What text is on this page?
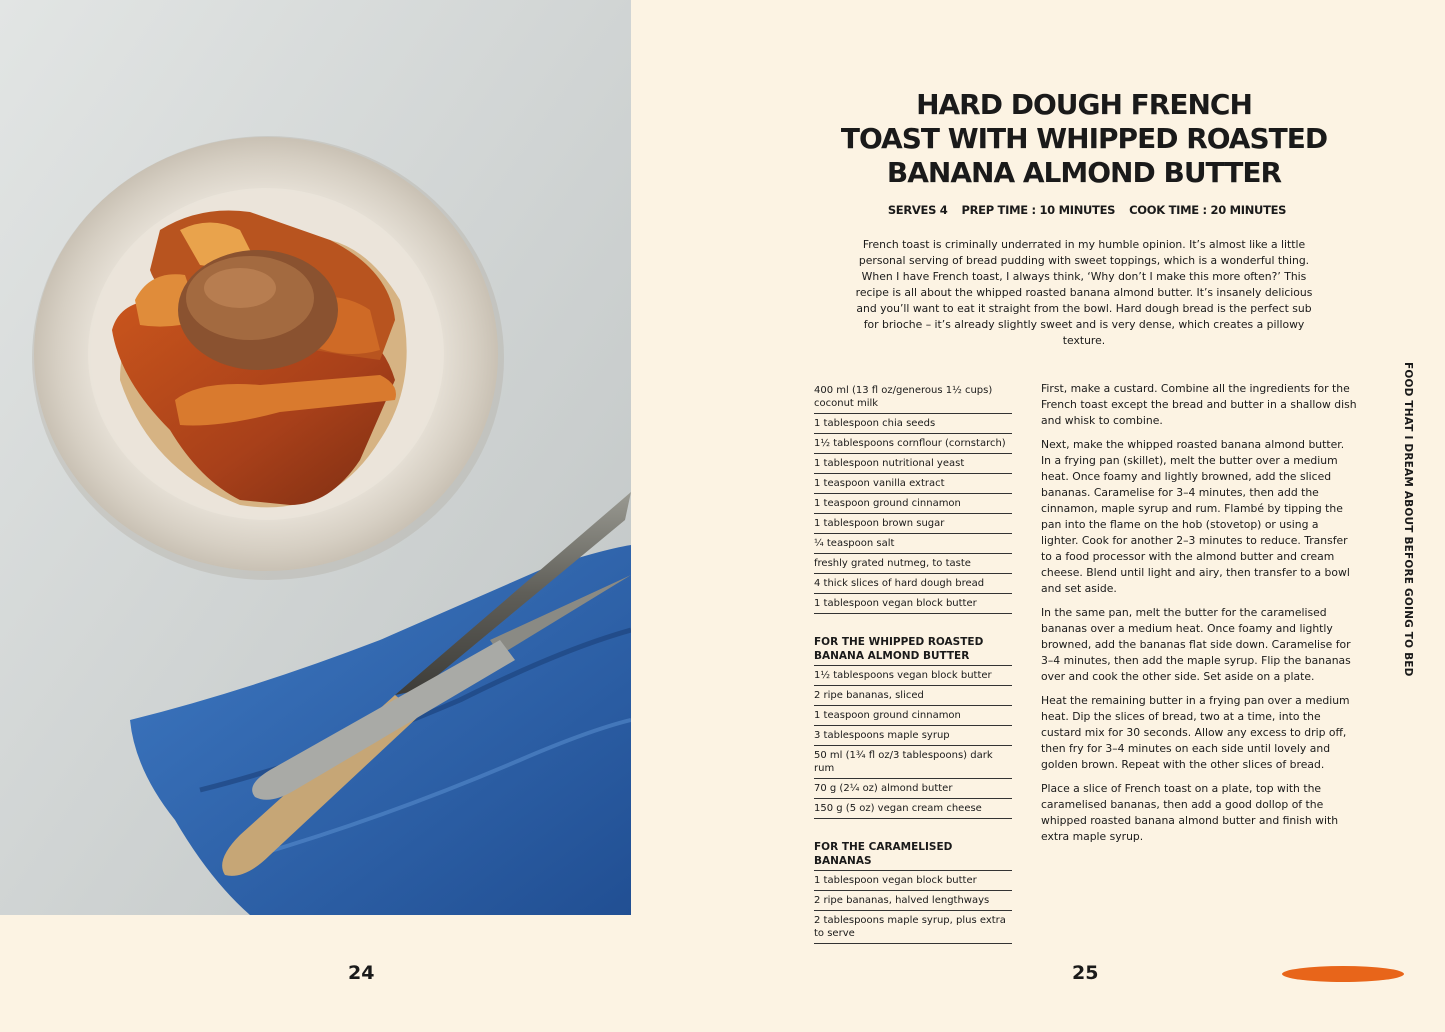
24
HARD DOUGH FRENCH
TOAST WITH WHIPPED ROASTED
BANANA ALMOND BUTTER
SERVES 4 PREP TIME : 10 MINUTES COOK TIME : 20 MINUTES
French toast is criminally underrated in my humble opinion. It’s almost like a little personal serving of bread pudding with sweet toppings, which is a wonderful thing. When I have French toast, I always think, ‘Why don’t I make this more often?’ This recipe is all about the whipped roasted banana almond butter. It’s insanely delicious and you’ll want to eat it straight from the bowl. Hard dough bread is the perfect sub for brioche – it’s already slightly sweet and is very dense, which creates a pillowy texture.
400 ml (13 fl oz/generous 1½ cups) coconut milk
1 tablespoon chia seeds
1½ tablespoons cornflour (cornstarch)
1 tablespoon nutritional yeast
1 teaspoon vanilla extract
1 teaspoon ground cinnamon
1 tablespoon brown sugar
¼ teaspoon salt
freshly grated nutmeg, to taste
4 thick slices of hard dough bread
1 tablespoon vegan block butter
FOR THE WHIPPED ROASTED BANANA ALMOND BUTTER
1½ tablespoons vegan block butter
2 ripe bananas, sliced
1 teaspoon ground cinnamon
3 tablespoons maple syrup
50 ml (1¾ fl oz/3 tablespoons) dark rum
70 g (2¼ oz) almond butter
150 g (5 oz) vegan cream cheese
FOR THE CARAMELISED BANANAS
1 tablespoon vegan block butter
2 ripe bananas, halved lengthways
2 tablespoons maple syrup, plus extra to serve

First, make a custard. Combine all the ingredients for the French toast except the bread and butter in a shallow dish and whisk to combine.

Next, make the whipped roasted banana almond butter. In a frying pan (skillet), melt the butter over a medium heat. Once foamy and lightly browned, add the sliced bananas. Caramelise for 3–4 minutes, then add the cinnamon, maple syrup and rum. Flambé by tipping the pan into the flame on the hob (stovetop) or using a lighter. Cook for another 2–3 minutes to reduce. Transfer to a food processor with the almond butter and cream cheese. Blend until light and airy, then transfer to a bowl and set aside.

In the same pan, melt the butter for the caramelised bananas over a medium heat. Once foamy and lightly browned, add the bananas flat side down. Caramelise for 3–4 minutes, then add the maple syrup. Flip the bananas over and cook the other side. Set aside on a plate.

Heat the remaining butter in a frying pan over a medium heat. Dip the slices of bread, two at a time, into the custard mix for 30 seconds. Allow any excess to drip off, then fry for 3–4 minutes on each side until lovely and golden brown. Repeat with the other slices of bread.

Place a slice of French toast on a plate, top with the caramelised bananas, then add a good dollop of the whipped roasted banana almond butter and finish with extra maple syrup.

FOOD THAT I DREAM ABOUT BEFORE GOING TO BED
25
